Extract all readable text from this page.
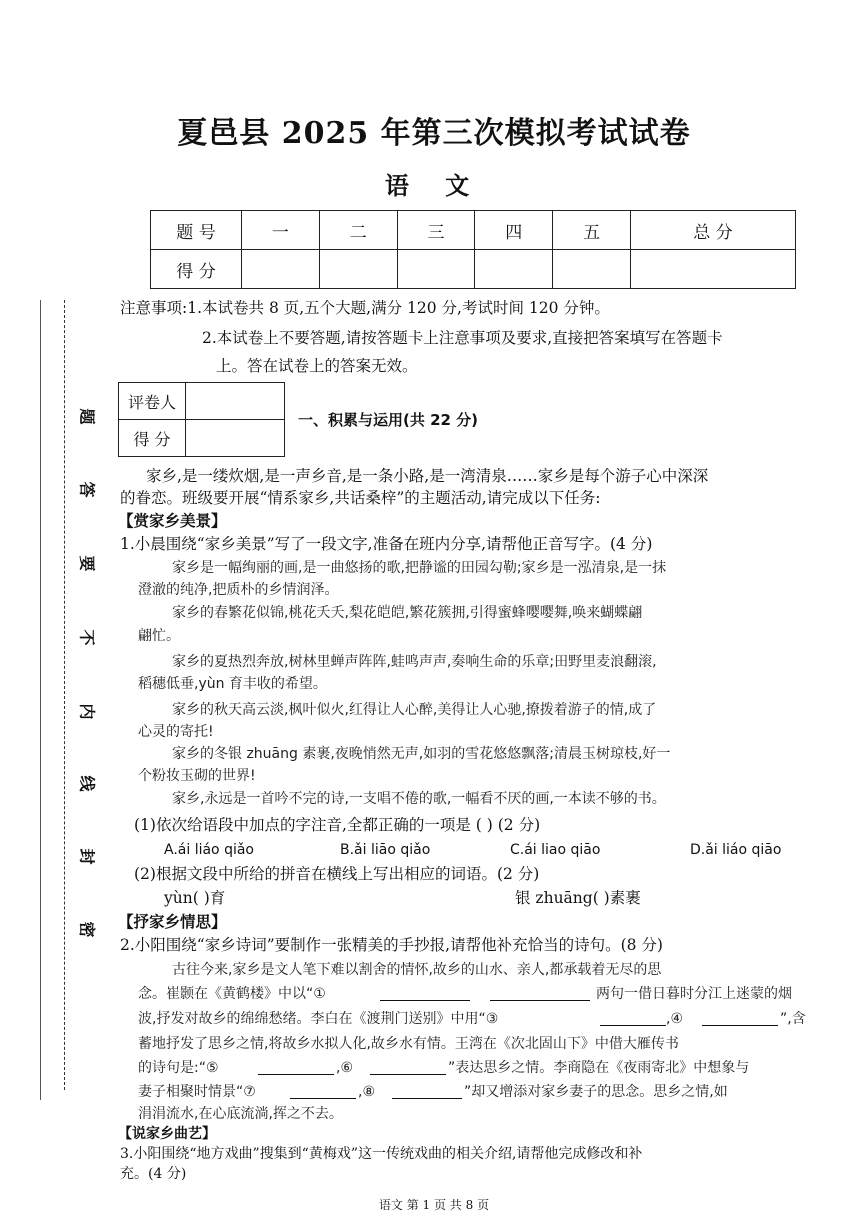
题
答
要
不
内
线
封
密
夏邑县 2025 年第三次模拟考试试卷
语 文
题 号	一	二	三	四	五	总 分
得 分						
注意事项:1.本试卷共 8 页,五个大题,满分 120 分,考试时间 120 分钟。
2.本试卷上不要答题,请按答题卡上注意事项及要求,直接把答案填写在答题卡
上。答在试卷上的答案无效。
评卷人	
得 分	
一、积累与运用(共 22 分)
家乡,是一缕炊烟,是一声乡音,是一条小路,是一湾清泉……家乡是每个游子心中深深
的眷恋。班级要开展“情系家乡,共话桑梓”的主题活动,请完成以下任务:
【赏家乡美景】
1.小晨围绕“家乡美景”写了一段文字,准备在班内分享,请帮他正音写字。(4 分)
家乡是一幅绚丽的画,是一曲悠扬的歌,把静谧的田园勾勒;家乡是一泓清泉,是一抹
澄澈的纯净,把质朴的乡情润泽。
家乡的春繁花似锦,桃花夭夭,梨花皑皑,繁花簇拥,引得蜜蜂嘤嘤舞,唤来蝴蝶翩
翩忙。
家乡的夏热烈奔放,树林里蝉声阵阵,蛙鸣声声,奏响生命的乐章;田野里麦浪翻滚,
稻穗低垂,yùn 育丰收的希望。
家乡的秋天高云淡,枫叶似火,红得让人心醉,美得让人心驰,撩拨着游子的情,成了
心灵的寄托!
家乡的冬银 zhuāng 素裹,夜晚悄然无声,如羽的雪花悠悠飘落;清晨玉树琼枝,好一
个粉妆玉砌的世界!
家乡,永远是一首吟不完的诗,一支唱不倦的歌,一幅看不厌的画,一本读不够的书。
(1)依次给语段中加点的字注音,全都正确的一项是 ( ) (2 分)
A.ái liáo qiǎo	B.ǎi liāo qiǎo	C.ái liao qiāo	D.ǎi liáo qiāo
(2)根据文段中所给的拼音在横线上写出相应的词语。(2 分)
yùn( )育	银 zhuāng( )素裹
【抒家乡情思】
2.小阳围绕“家乡诗词”要制作一张精美的手抄报,请帮他补充恰当的诗句。(8 分)
古往今来,家乡是文人笔下难以割舍的情怀,故乡的山水、亲人,都承载着无尽的思
念。崔颢在《黄鹤楼》中以“①	两句一借日暮时分江上迷蒙的烟
波,抒发对故乡的绵绵愁绪。李白在《渡荆门送别》中用“③	,④	”,含
蓄地抒发了思乡之情,将故乡水拟人化,故乡水有情。王湾在《次北固山下》中借大雁传书
的诗句是:“⑤	,⑥	”表达思乡之情。李商隐在《夜雨寄北》中想象与
妻子相聚时情景“⑦	,⑧	”却又增添对家乡妻子的思念。思乡之情,如
涓涓流水,在心底流淌,挥之不去。
【说家乡曲艺】
3.小阳围绕“地方戏曲”搜集到“黄梅戏”这一传统戏曲的相关介绍,请帮他完成修改和补
充。(4 分)
语文 第 1 页 共 8 页
